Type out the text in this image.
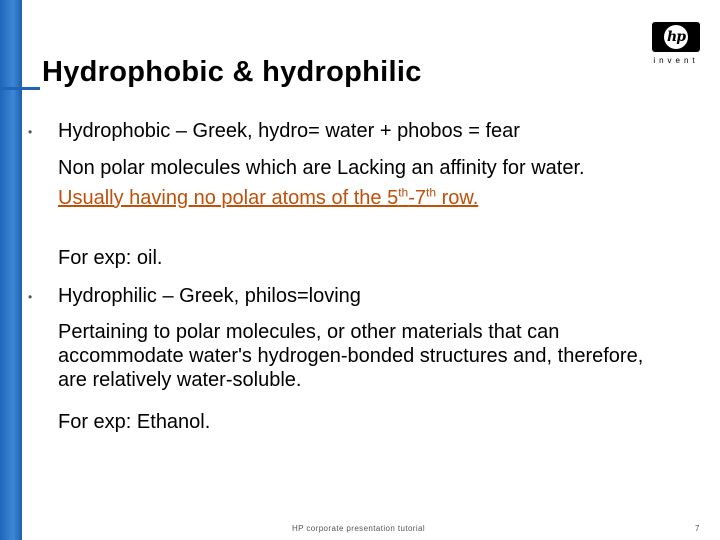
Hydrophobic & hydrophilic
hp
invent
• Hydrophobic – Greek, hydro= water + phobos = fear
Non polar molecules which are Lacking an affinity for water.
Usually having no polar atoms of the 5th-7th row.
For exp: oil.
• Hydrophilic – Greek, philos=loving
Pertaining to polar molecules, or other materials that can accommodate water's hydrogen-bonded structures and, therefore, are relatively water-soluble.
For exp: Ethanol.
HP corporate presentation tutorial	7
